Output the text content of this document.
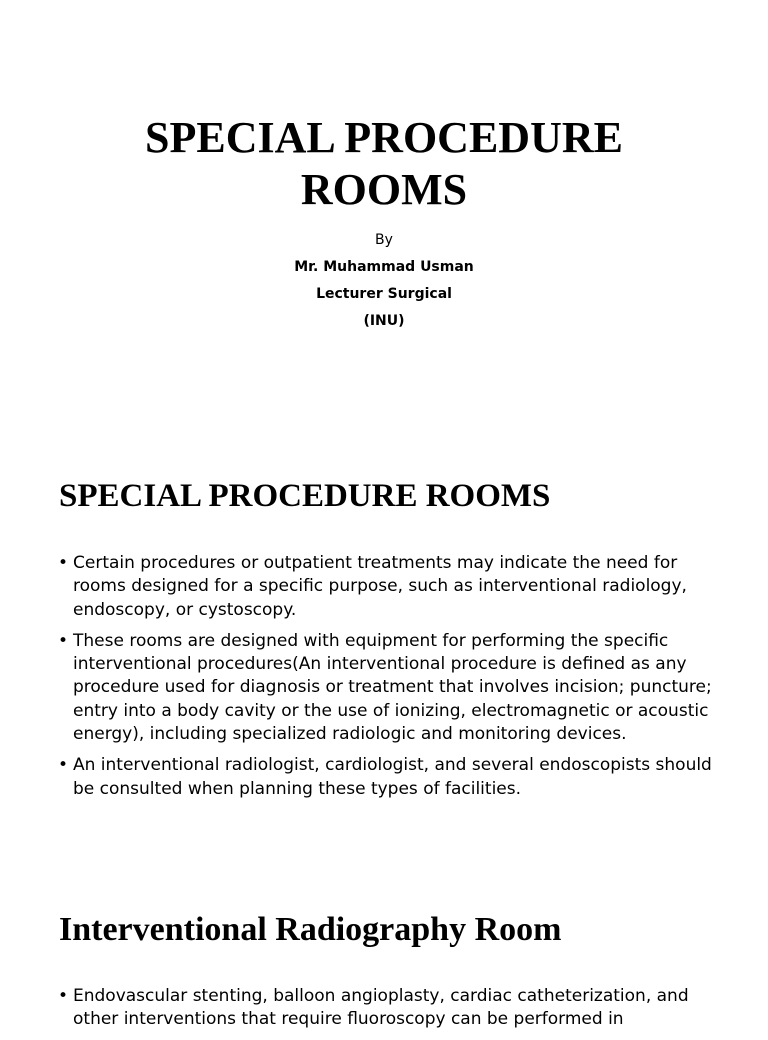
SPECIAL PROCEDURE
ROOMS

By

Mr. Muhammad Usman

Lecturer Surgical

(INU)

SPECIAL PROCEDURE ROOMS
• Certain procedures or outpatient treatments may indicate the need for rooms designed for a specific purpose, such as interventional radiology, endoscopy, or cystoscopy.
• These rooms are designed with equipment for performing the specific interventional procedures(An interventional procedure is defined as any procedure used for diagnosis or treatment that involves incision; puncture; entry into a body cavity or the use of ionizing, electromagnetic or acoustic energy), including specialized radiologic and monitoring devices.
• An interventional radiologist, cardiologist, and several endoscopists should be consulted when planning these types of facilities.
Interventional Radiography Room
• Endovascular stenting, balloon angioplasty, cardiac catheterization, and other interventions that require fluoroscopy can be performed in
